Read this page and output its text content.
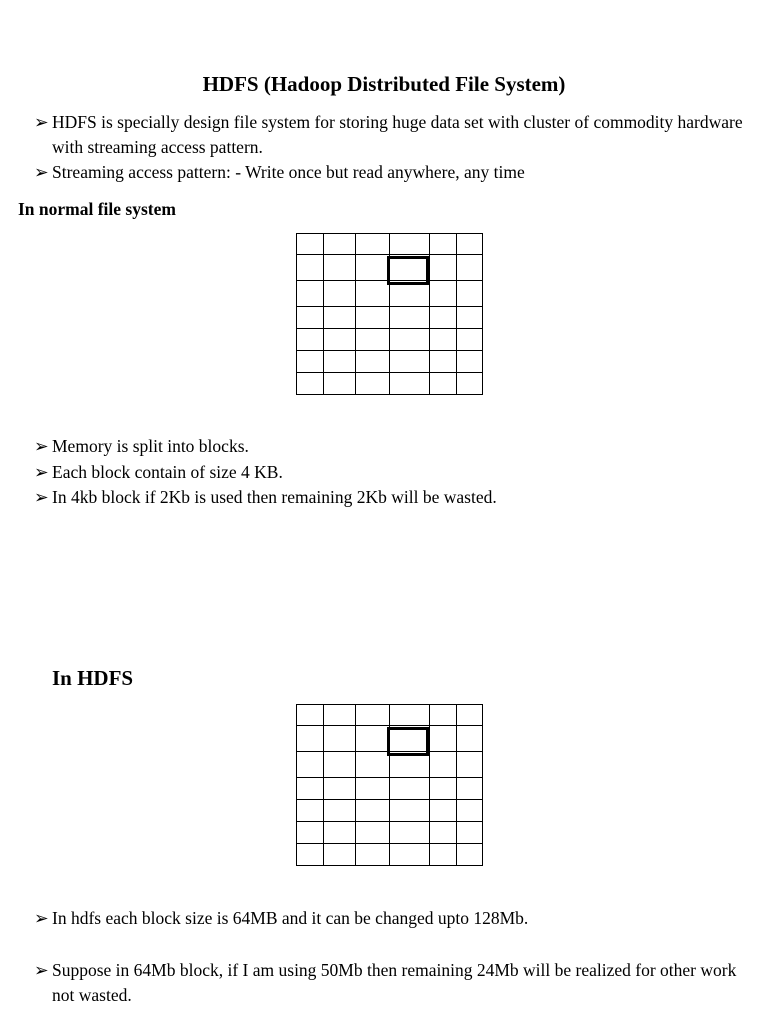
HDFS (Hadoop Distributed File System)
➢ HDFS is specially design file system for storing huge data set with cluster of commodity hardware with streaming access pattern.
➢ Streaming access pattern: - Write once but read anywhere, any time
In normal file system

➢ Memory is split into blocks.
➢ Each block contain of size 4 KB.
➢ In 4kb block if 2Kb is used then remaining 2Kb will be wasted.
In HDFS

➢ In hdfs each block size is 64MB and it can be changed upto 128Mb.
➢ Suppose in 64Mb block, if I am using 50Mb then remaining 24Mb will be realized for other work not wasted.
